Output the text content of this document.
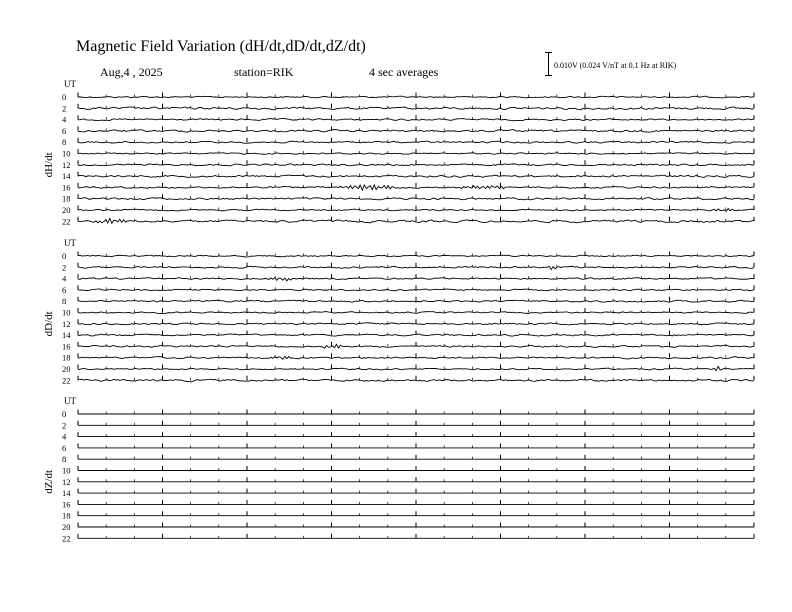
Magnetic Field Variation (dH/dt,dD/dt,dZ/dt)
Aug,4 , 2025	station=RIK	4 sec averages	0.010V (0.024 V/nT at 0.1 Hz at RIK)
UT
dH/dt
0
2
4
6
8
10
12
14
16
18
20
22
UT
dD/dt
0
2
4
6
8
10
12
14
16
18
20
22
UT
dZ/dt
0
2
4
6
8
10
12
14
16
18
20
22
